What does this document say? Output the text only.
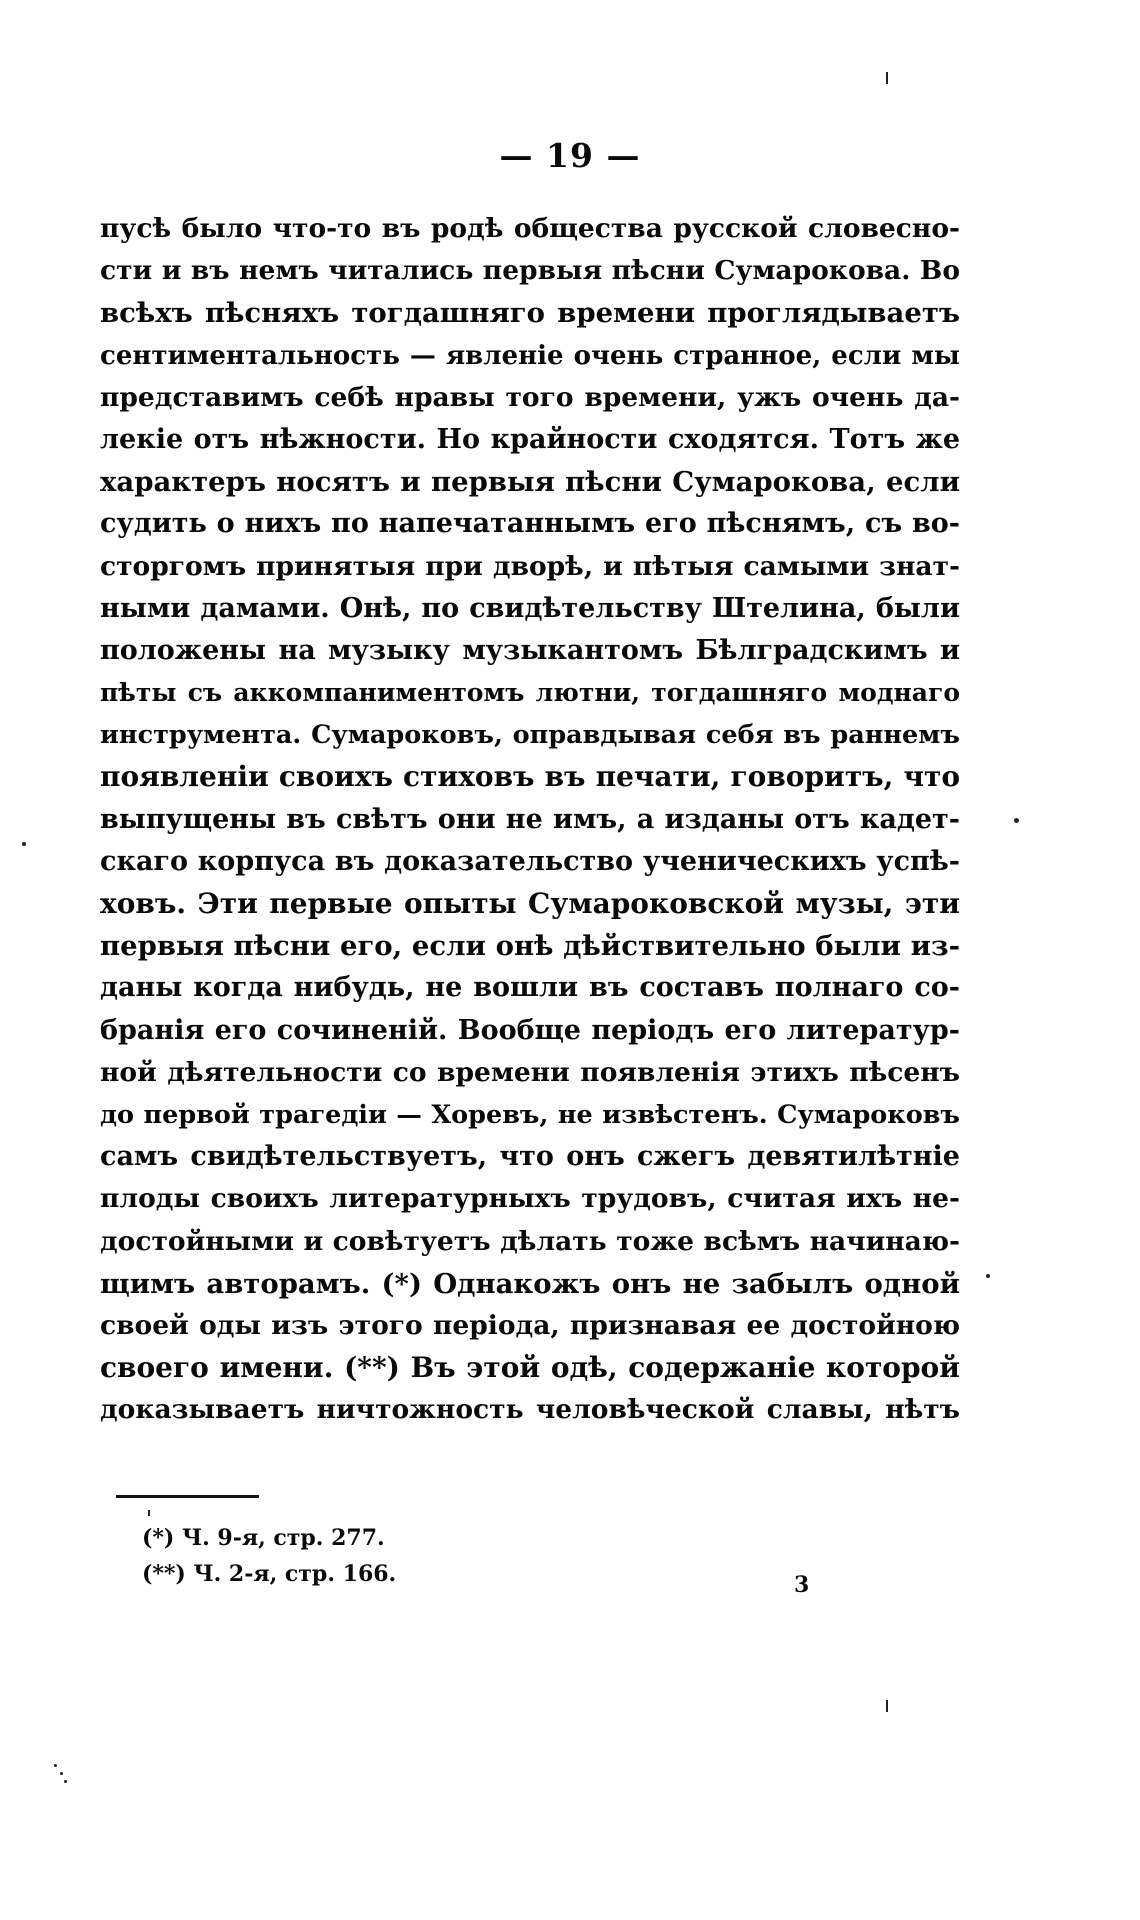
— 19 —
пусѣ было что-то въ родѣ общества русской словесно-
сти и въ немъ читались первыя пѣсни Сумарокова. Во
всѣхъ пѣсняхъ тогдашняго времени проглядываетъ
сентиментальность — явленіе очень странное, если мы
представимъ себѣ нравы того времени, ужъ очень да-
лекіе отъ нѣжности. Но крайности сходятся. Тотъ же
характеръ носятъ и первыя пѣсни Сумарокова, если
судить о нихъ по напечатаннымъ его пѣснямъ, съ во-
сторгомъ принятыя при дворѣ, и пѣтыя самыми знат-
ными дамами. Онѣ, по свидѣтельству Штелина, были
положены на музыку музыкантомъ Бѣлградскимъ и
пѣты съ аккомпаниментомъ лютни, тогдашняго моднаго
инструмента. Сумароковъ, оправдывая себя въ раннемъ
появленіи своихъ стиховъ въ печати, говоритъ, что
выпущены въ свѣтъ они не имъ, а изданы отъ кадет-
скаго корпуса въ доказательство ученическихъ успѣ-
ховъ. Эти первые опыты Сумароковской музы, эти
первыя пѣсни его, если онѣ дѣйствительно были из-
даны когда нибудь, не вошли въ составъ полнаго со-
бранія его сочиненій. Вообще періодъ его литератур-
ной дѣятельности со времени появленія этихъ пѣсенъ
до первой трагедіи — Хоревъ, не извѣстенъ. Сумароковъ
самъ свидѣтельствуетъ, что онъ сжегъ девятилѣтніе
плоды своихъ литературныхъ трудовъ, считая ихъ не-
достойными и совѣтуетъ дѣлать тоже всѣмъ начинаю-
щимъ авторамъ. (*) Однакожъ онъ не забылъ одной
своей оды изъ этого періода, признавая ее достойною
своего имени. (**) Въ этой одѣ, содержаніе которой
доказываетъ ничтожность человѣческой славы, нѣтъ
(*) Ч. 9-я, стр. 277.
(**) Ч. 2-я, стр. 166.	3
